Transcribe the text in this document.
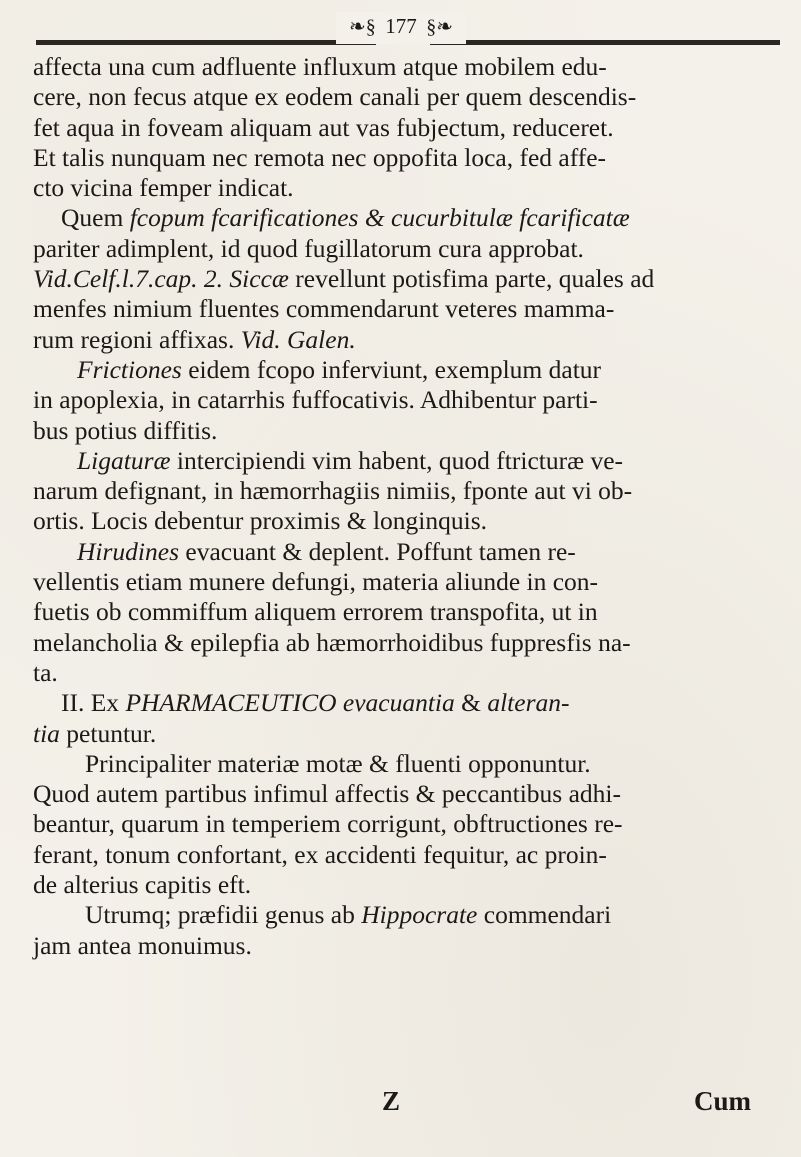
❧§ 177 §❧
affecta una cum adfluente influxum atque mobilem edu-
cere, non fecus atque ex eodem canali per quem descendis-
fet aqua in foveam aliquam aut vas fubjectum, reduceret.
Et talis nunquam nec remota nec oppofita loca, fed affe-
cto vicina femper indicat.
Quem fcopum fcarificationes & cucurbitulæ fcarificatæ
pariter adimplent, id quod fugillatorum cura approbat.
Vid.Celf.l.7.cap. 2. Siccæ revellunt potisfima parte, quales ad
menfes nimium fluentes commendarunt veteres mamma-
rum regioni affixas. Vid. Galen.
Frictiones eidem fcopo inferviunt, exemplum datur
in apoplexia, in catarrhis fuffocativis. Adhibentur parti-
bus potius diffitis.
Ligaturæ intercipiendi vim habent, quod ftricturæ ve-
narum defignant, in hæmorrhagiis nimiis, fponte aut vi ob-
ortis. Locis debentur proximis & longinquis.
Hirudines evacuant & deplent. Poffunt tamen re-
vellentis etiam munere defungi, materia aliunde in con-
fuetis ob commiffum aliquem errorem transpofita, ut in
melancholia & epilepfia ab hæmorrhoidibus fuppresfis na-
ta.
II. Ex PHARMACEUTICO evacuantia & alteran-
tia petuntur.
Principaliter materiæ motæ & fluenti opponuntur.
Quod autem partibus infimul affectis & peccantibus adhi-
beantur, quarum in temperiem corrigunt, obftructiones re-
ferant, tonum confortant, ex accidenti fequitur, ac proin-
de alterius capitis eft.
Utrumq; præfidii genus ab Hippocrate commendari
jam antea monuimus.
Z	Cum
